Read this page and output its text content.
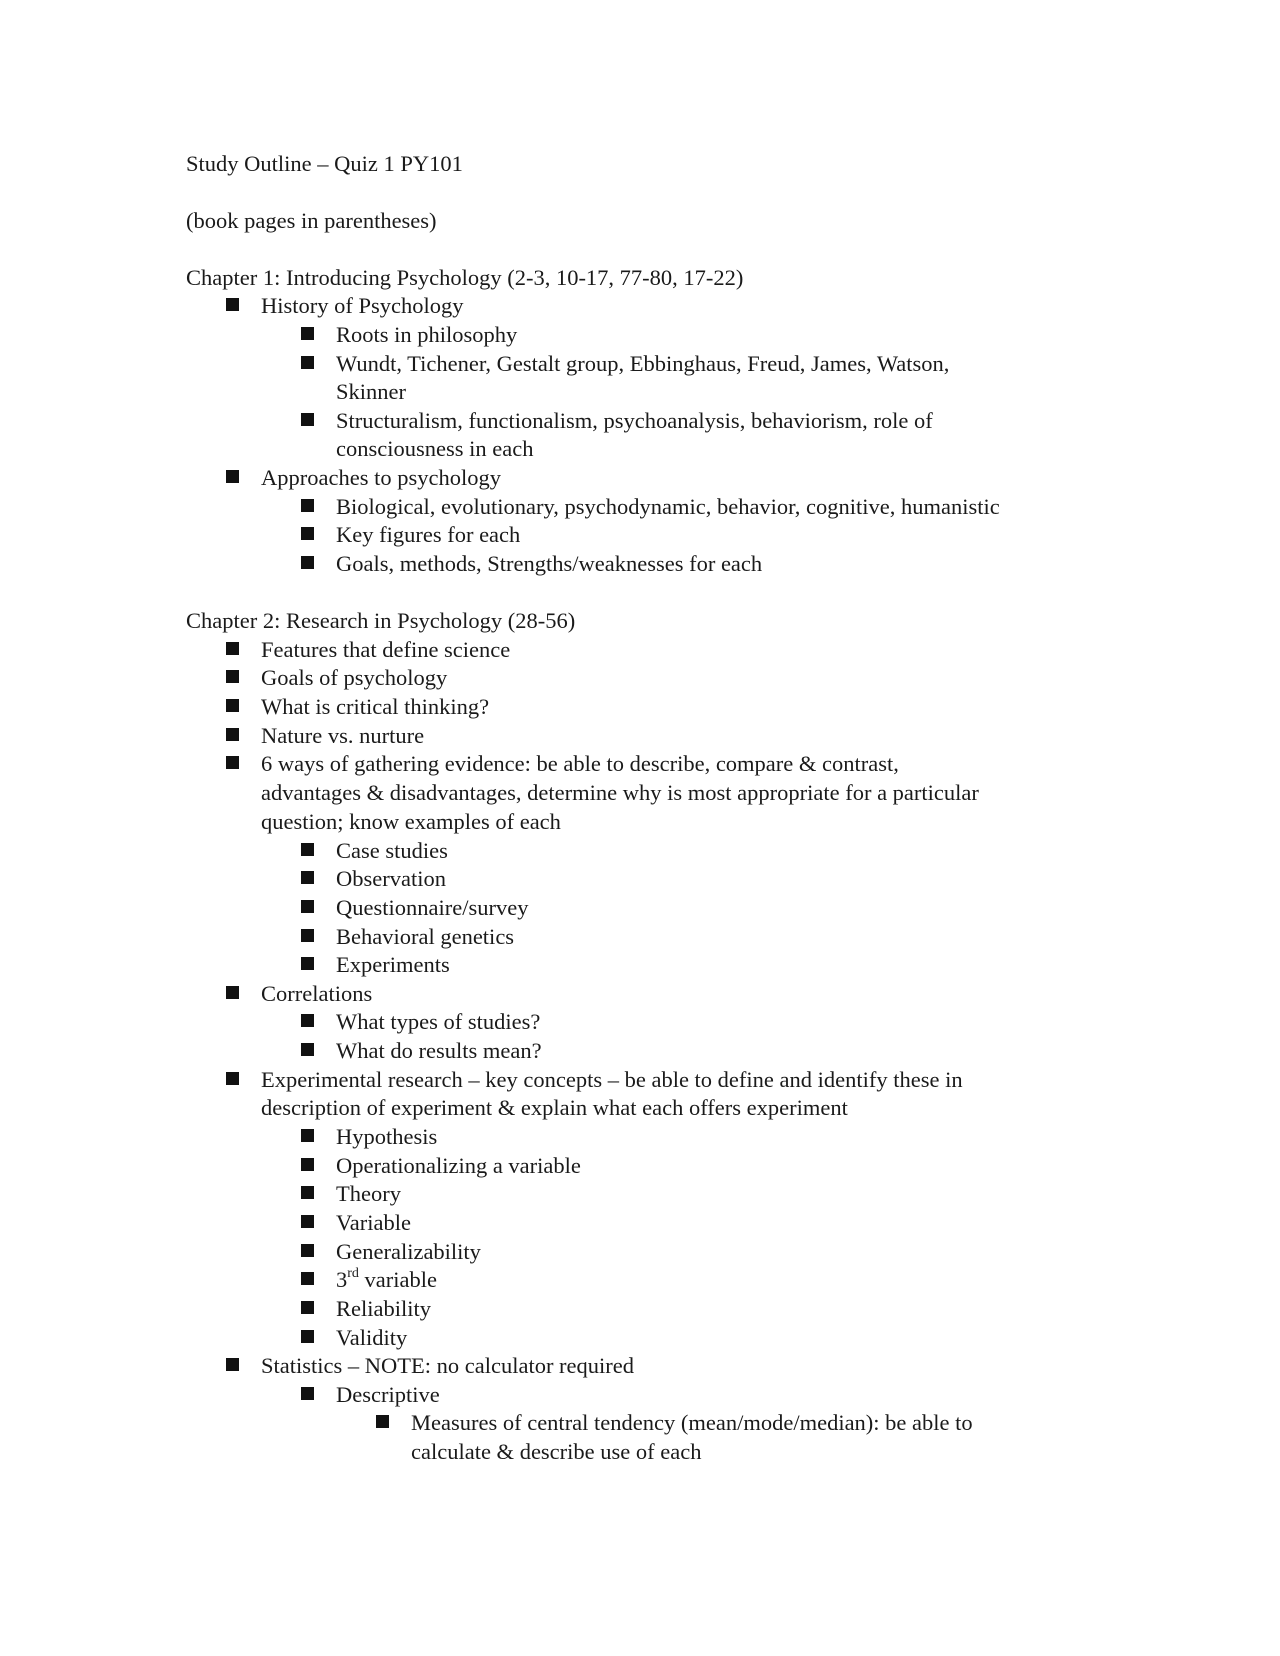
Study Outline – Quiz 1 PY101
(book pages in parentheses)
Chapter 1: Introducing Psychology (2-3, 10-17, 77-80, 17-22)
History of Psychology
Roots in philosophy
Wundt, Tichener, Gestalt group, Ebbinghaus, Freud, James, Watson,
Skinner
Structuralism, functionalism, psychoanalysis, behaviorism, role of
consciousness in each
Approaches to psychology
Biological, evolutionary, psychodynamic, behavior, cognitive, humanistic
Key figures for each
Goals, methods, Strengths/weaknesses for each
Chapter 2: Research in Psychology (28-56)
Features that define science
Goals of psychology
What is critical thinking?
Nature vs. nurture
6 ways of gathering evidence: be able to describe, compare & contrast,
advantages & disadvantages, determine why is most appropriate for a particular
question; know examples of each
Case studies
Observation
Questionnaire/survey
Behavioral genetics
Experiments
Correlations
What types of studies?
What do results mean?
Experimental research – key concepts – be able to define and identify these in
description of experiment & explain what each offers experiment
Hypothesis
Operationalizing a variable
Theory
Variable
Generalizability
3rd variable
Reliability
Validity
Statistics – NOTE: no calculator required
Descriptive
Measures of central tendency (mean/mode/median): be able to
calculate & describe use of each
